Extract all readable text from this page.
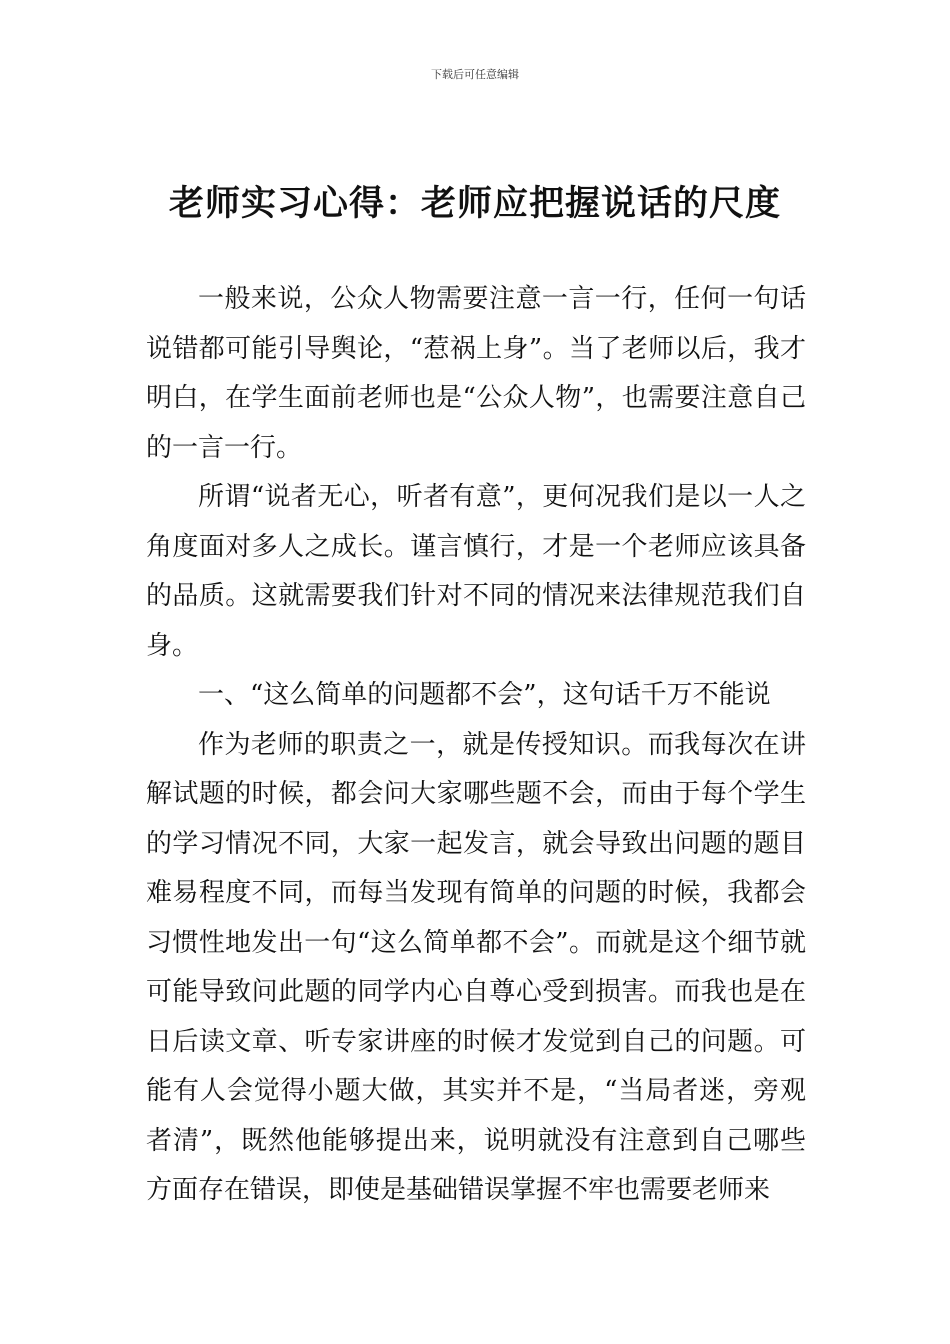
下载后可任意编辑
老师实习心得：老师应把握说话的尺度

一般来说，公众人物需要注意一言一行，任何一句话说错都可能引导舆论，“惹祸上身”。当了老师以后，我才明白，在学生面前老师也是“公众人物”，也需要注意自己的一言一行。

所谓“说者无心，听者有意”，更何况我们是以一人之角度面对多人之成长。谨言慎行，才是一个老师应该具备的品质。这就需要我们针对不同的情况来法律规范我们自身。

一、“这么简单的问题都不会”，这句话千万不能说

作为老师的职责之一，就是传授知识。而我每次在讲解试题的时候，都会问大家哪些题不会，而由于每个学生的学习情况不同，大家一起发言，就会导致出问题的题目难易程度不同，而每当发现有简单的问题的时候，我都会习惯性地发出一句“这么简单都不会”。而就是这个细节就可能导致问此题的同学内心自尊心受到损害。而我也是在日后读文章、听专家讲座的时候才发觉到自己的问题。可能有人会觉得小题大做，其实并不是，“当局者迷，旁观者清”，既然他能够提出来，说明就没有注意到自己哪些方面存在错误，即使是基础错误掌握不牢也需要老师来
